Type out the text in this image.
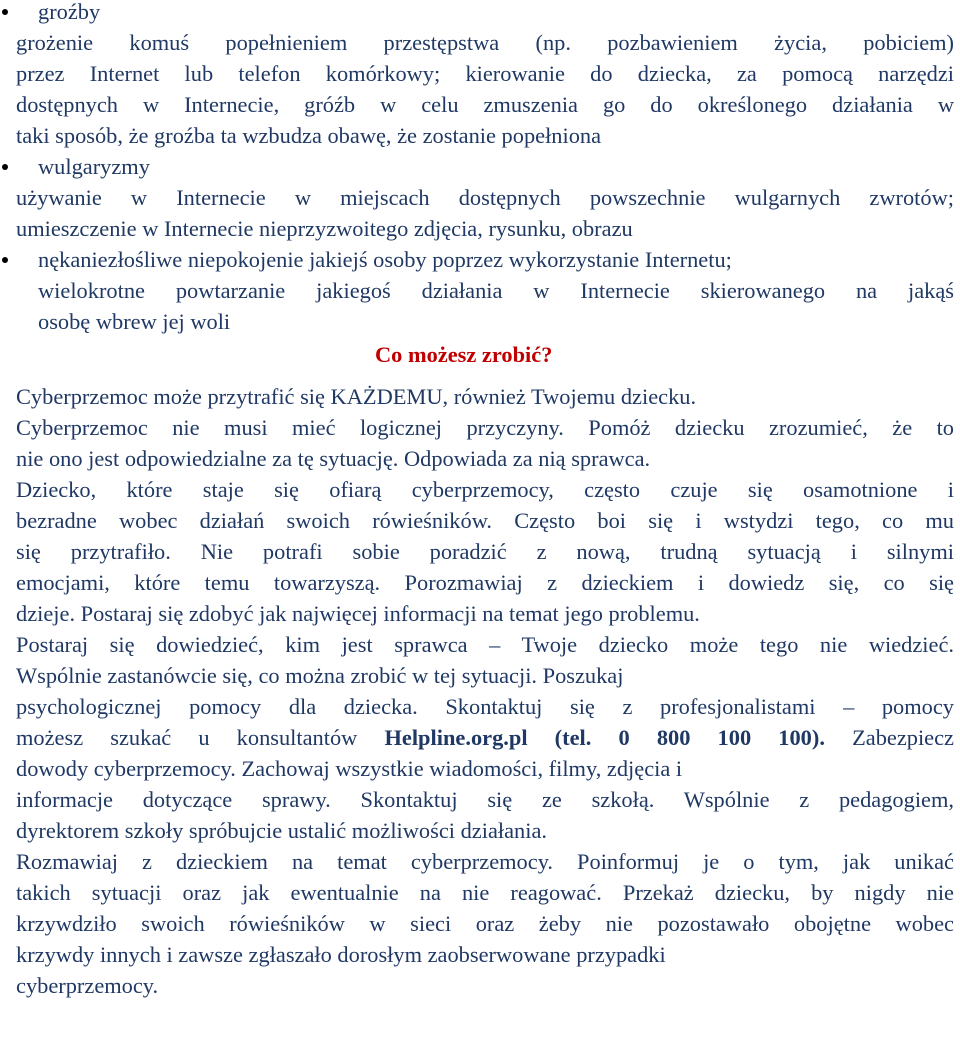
groźby
grożenie komuś popełnieniem przestępstwa (np. pozbawieniem życia, pobiciem)
przez Internet lub telefon komórkowy; kierowanie do dziecka, za pomocą narzędzi
dostępnych w Internecie, gróźb w celu zmuszenia go do określonego działania w
taki sposób, że groźba ta wzbudza obawę, że zostanie popełniona
wulgaryzmy
używanie w Internecie w miejscach dostępnych powszechnie wulgarnych zwrotów;
umieszczenie w Internecie nieprzyzwoitego zdjęcia, rysunku, obrazu
nękaniezłośliwe niepokojenie jakiejś osoby poprzez wykorzystanie Internetu;
wielokrotne powtarzanie jakiegoś działania w Internecie skierowanego na jakąś
osobę wbrew jej woli
Co możesz zrobić?
Cyberprzemoc może przytrafić się KAŻDEMU, również Twojemu dziecku.
Cyberprzemoc nie musi mieć logicznej przyczyny. Pomóż dziecku zrozumieć, że to
nie ono jest odpowiedzialne za tę sytuację. Odpowiada za nią sprawca.
Dziecko, które staje się ofiarą cyberprzemocy, często czuje się osamotnione i
bezradne wobec działań swoich rówieśników. Często boi się i wstydzi tego, co mu
się przytrafiło. Nie potrafi sobie poradzić z nową, trudną sytuacją i silnymi
emocjami, które temu towarzyszą. Porozmawiaj z dzieckiem i dowiedz się, co się
dzieje. Postaraj się zdobyć jak najwięcej informacji na temat jego problemu.
Postaraj się dowiedzieć, kim jest sprawca – Twoje dziecko może tego nie wiedzieć.
Wspólnie zastanówcie się, co można zrobić w tej sytuacji. Poszukaj
psychologicznej pomocy dla dziecka. Skontaktuj się z profesjonalistami – pomocy
możesz szukać u konsultantów Helpline.org.pl (tel. 0 800 100 100). Zabezpiecz
dowody cyberprzemocy. Zachowaj wszystkie wiadomości, filmy, zdjęcia i
informacje dotyczące sprawy. Skontaktuj się ze szkołą. Wspólnie z pedagogiem,
dyrektorem szkoły spróbujcie ustalić możliwości działania.
Rozmawiaj z dzieckiem na temat cyberprzemocy. Poinformuj je o tym, jak unikać
takich sytuacji oraz jak ewentualnie na nie reagować. Przekaż dziecku, by nigdy nie
krzywdziło swoich rówieśników w sieci oraz żeby nie pozostawało obojętne wobec
krzywdy innych i zawsze zgłaszało dorosłym zaobserwowane przypadki
cyberprzemocy.
